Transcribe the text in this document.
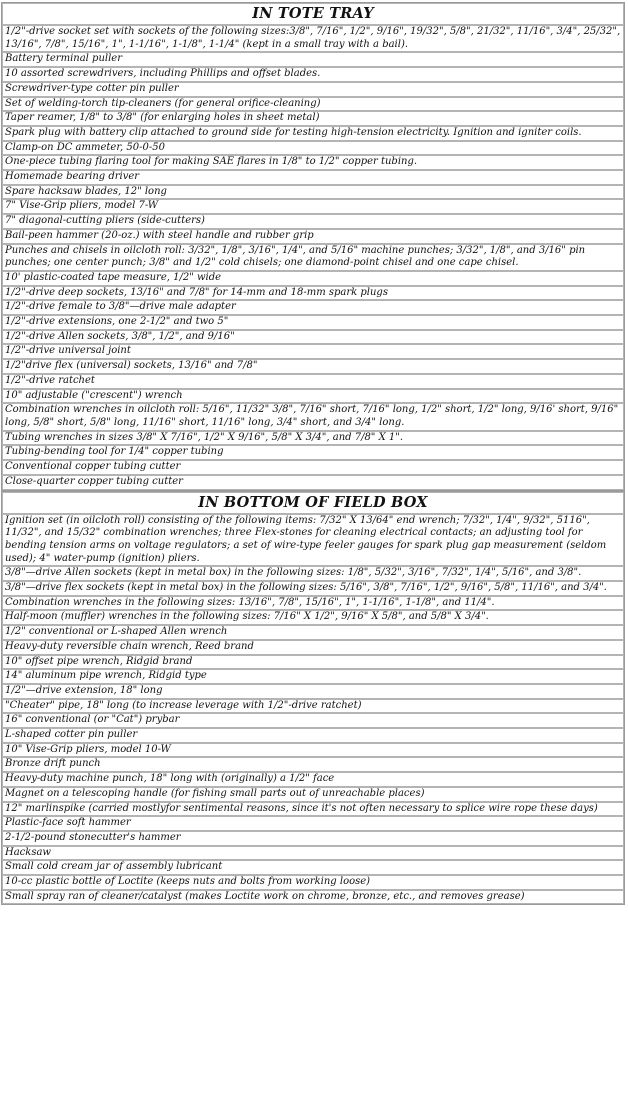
IN TOTE TRAY
1/2"-drive socket set with sockets of the following sizes:3/8", 7/16", 1/2", 9/16", 19/32", 5/8", 21/32", 11/16", 3/4", 25/32", 13/16", 7/8", 15/16", 1", 1-1/16", 1-1/8", 1-1/4" (kept in a small tray with a bail).
Battery terminal puller
10 assorted screwdrivers, including Phillips and offset blades.
Screwdriver-type cotter pin puller
Set of welding-torch tip-cleaners (for general orifice-cleaning)
Taper reamer, 1/8" to 3/8" (for enlarging holes in sheet metal)
Spark plug with battery clip attached to ground side for testing high-tension electricity. Ignition and igniter coils.
Clamp-on DC ammeter, 50-0-50
One-piece tubing flaring tool for making SAE flares in 1/8" to 1/2" copper tubing.
Homemade bearing driver
Spare hacksaw blades, 12" long
7" Vise-Grip pliers, model 7-W
7" diagonal-cutting pliers (side-cutters)
Bail-peen hammer (20-oz.) with steel handle and rubber grip
Punches and chisels in oilcloth roll: 3/32", 1/8", 3/16", 1/4", and 5/16" machine punches; 3/32", 1/8", and 3/16" pin punches; one center punch; 3/8" and 1/2" cold chisels; one diamond-point chisel and one cape chisel.
10' plastic-coated tape measure, 1/2" wide
1/2"-drive deep sockets, 13/16" and 7/8" for 14-mm and 18-mm spark plugs
1/2"-drive female to 3/8"—drive male adapter
1/2"-drive extensions, one 2-1/2" and two 5"
1/2"-drive Allen sockets, 3/8", 1/2", and 9/16"
1/2"-drive universal joint
1/2"drive flex (universal) sockets, 13/16" and 7/8"
1/2"-drive ratchet
10" adjustable ("crescent") wrench
Combination wrenches in oilcloth roll: 5/16", 11/32" 3/8", 7/16" short, 7/16" long, 1/2" short, 1/2" long, 9/16' short, 9/16" long, 5/8" short, 5/8" long, 11/16" short, 11/16" long, 3/4" short, and 3/4" long.
Tubing wrenches in sizes 3/8" X 7/16", 1/2" X 9/16", 5/8" X 3/4", and 7/8" X 1".
Tubing-bending tool for 1/4" copper tubing
Conventional copper tubing cutter
Close-quarter copper tubing cutter
IN BOTTOM OF FIELD BOX
Ignition set (in oilcloth roll) consisting of the following items: 7/32" X 13/64" end wrench; 7/32", 1/4", 9/32", 5116", 11/32", and 15/32" combination wrenches; three Flex-stones for cleaning electrical contacts; an adjusting tool for bending tension arms on voltage regulators; a set of wire-type feeler gauges for spark plug gap measurement (seldom used); 4" water-pump (ignition) pliers.
3/8"—drive Allen sockets (kept in metal box) in the following sizes: 1/8", 5/32", 3/16", 7/32", 1/4", 5/16", and 3/8".
3/8"—drive flex sockets (kept in metal box) in the following sizes: 5/16", 3/8", 7/16", 1/2", 9/16", 5/8", 11/16", and 3/4".
Combination wrenches in the following sizes: 13/16", 7/8", 15/16", 1", 1-1/16", 1-1/8", and 11/4".
Half-moon (muffler) wrenches in the following sizes: 7/16" X 1/2", 9/16" X 5/8", and 5/8" X 3/4".
1/2" conventional or L-shaped Allen wrench
Heavy-duty reversible chain wrench, Reed brand
10" offset pipe wrench, Ridgid brand
14" aluminum pipe wrench, Ridgid type
1/2"—drive extension, 18" long
"Cheater" pipe, 18" long (to increase leverage with 1/2"-drive ratchet)
16" conventional (or "Cat") prybar
L-shaped cotter pin puller
10" Vise-Grip pliers, model 10-W
Bronze drift punch
Heavy-duty machine punch, 18" long with (originally) a 1/2" face
Magnet on a telescoping handle (for fishing small parts out of unreachable places)
12" marlinspike (carried mostlyfor sentimental reasons, since it's not often necessary to splice wire rope these days)
Plastic-face soft hammer
2-1/2-pound stonecutter's hammer
Hacksaw
Small cold cream jar of assembly lubricant
10-cc plastic bottle of Loctite (keeps nuts and bolts from working loose)
Small spray ran of cleaner/catalyst (makes Loctite work on chrome, bronze, etc., and removes grease)
